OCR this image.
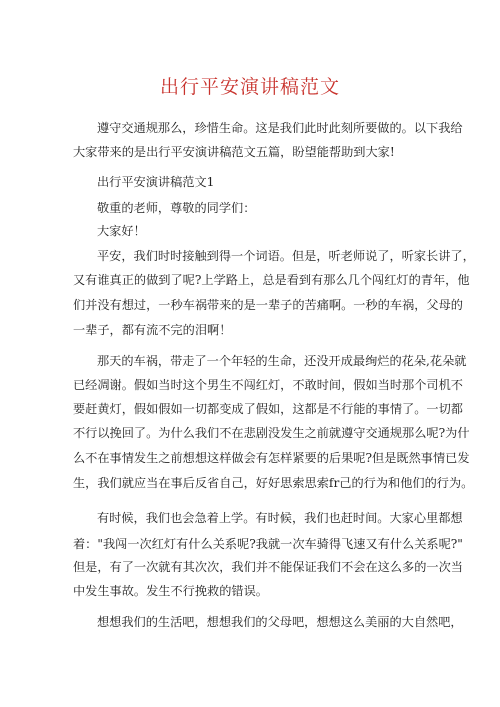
出行平安演讲稿范文
遵守交通规那么，珍惜生命。这是我们此时此刻所要做的。以下我给
大家带来的是出行平安演讲稿范文五篇，盼望能帮助到大家!
出行平安演讲稿范文1
敬重的老师，尊敬的同学们：
大家好！
平安，我们时时接触到得一个词语。但是，听老师说了，听家长讲了，
又有谁真正的做到了呢?上学路上，总是看到有那么几个闯红灯的青年，他
们并没有想过，一秒车祸带来的是一辈子的苦痛啊。一秒的车祸，父母的
一辈子，都有流不完的泪啊！
那天的车祸，带走了一个年轻的生命，还没开成最绚烂的花朵,花朵就
已经凋谢。假如当时这个男生不闯红灯，不敢时间，假如当时那个司机不
要赶黄灯，假如假如一切都变成了假如，这都是不行能的事情了。一切都
不行以挽回了。为什么我们不在悲剧没发生之前就遵守交通规那么呢?为什
么不在事情发生之前想想这样做会有怎样紧要的后果呢?但是既然事情已发
生，我们就应当在事后反省自己，好好思索思索fr己的行为和他们的行为。
有时候，我们也会急着上学。有时候，我们也赶时间。大家心里都想
着："我闯一次红灯有什么关系呢?我就一次车骑得飞速又有什么关系呢?"
但是，有了一次就有其次次，我们并不能保证我们不会在这么多的一次当
中发生事故。发生不行挽救的错误。
想想我们的生活吧，想想我们的父母吧，想想这么美丽的大自然吧，
